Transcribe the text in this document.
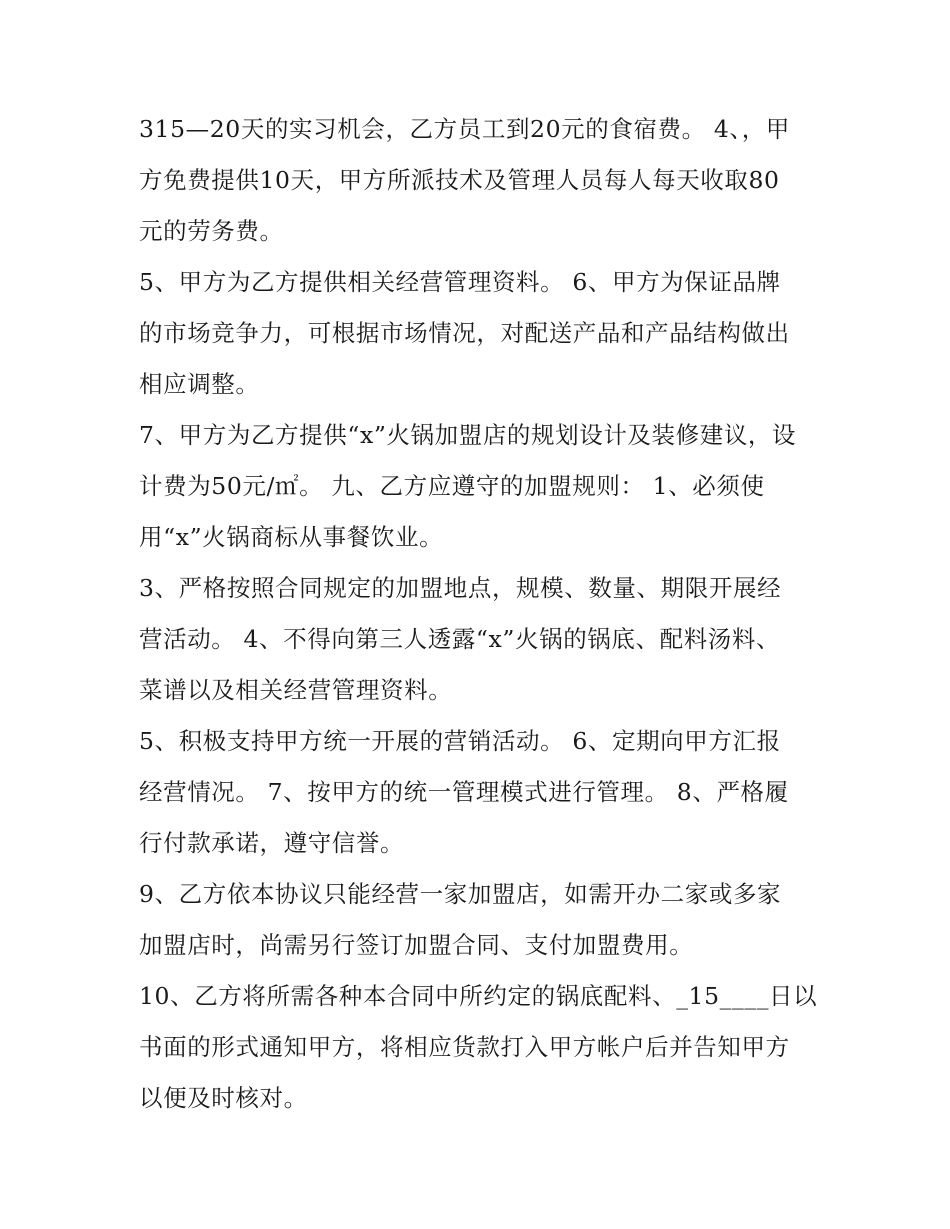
315—20天的实习机会，乙方员工到20元的食宿费。 4、，甲
方免费提供10天，甲方所派技术及管理人员每人每天收取80
元的劳务费。
5、甲方为乙方提供相关经营管理资料。 6、甲方为保证品牌
的市场竞争力，可根据市场情况，对配送产品和产品结构做出
相应调整。
7、甲方为乙方提供“x”火锅加盟店的规划设计及装修建议，设
计费为50元/㎡。 九、乙方应遵守的加盟规则： 1、必须使
用“x”火锅商标从事餐饮业。
3、严格按照合同规定的加盟地点，规模、数量、期限开展经
营活动。 4、不得向第三人透露“x”火锅的锅底、配料汤料、
菜谱以及相关经营管理资料。
5、积极支持甲方统一开展的营销活动。 6、定期向甲方汇报
经营情况。 7、按甲方的统一管理模式进行管理。 8、严格履
行付款承诺，遵守信誉。
9、乙方依本协议只能经营一家加盟店，如需开办二家或多家
加盟店时，尚需另行签订加盟合同、支付加盟费用。
10、乙方将所需各种本合同中所约定的锅底配料、_15____日以
书面的形式通知甲方，将相应货款打入甲方帐户后并告知甲方
以便及时核对。
